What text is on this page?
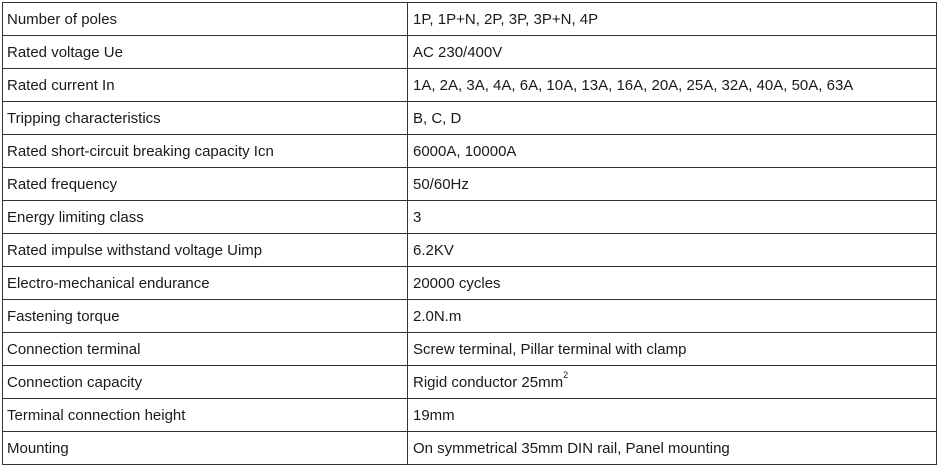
Number of poles	1P, 1P+N, 2P, 3P, 3P+N, 4P
Rated voltage Ue	AC 230/400V
Rated current In	1A, 2A, 3A, 4A, 6A, 10A, 13A, 16A, 20A, 25A, 32A, 40A, 50A, 63A
Tripping characteristics	B, C, D
Rated short-circuit breaking capacity Icn	6000A, 10000A
Rated frequency	50/60Hz
Energy limiting class	3
Rated impulse withstand voltage Uimp	6.2KV
Electro-mechanical endurance	20000 cycles
Fastening torque	2.0N.m
Connection terminal	Screw terminal, Pillar terminal with clamp
Connection capacity	Rigid conductor $25mm^2$
Terminal connection height	19mm
Mounting	On symmetrical 35mm DIN rail, Panel mounting
